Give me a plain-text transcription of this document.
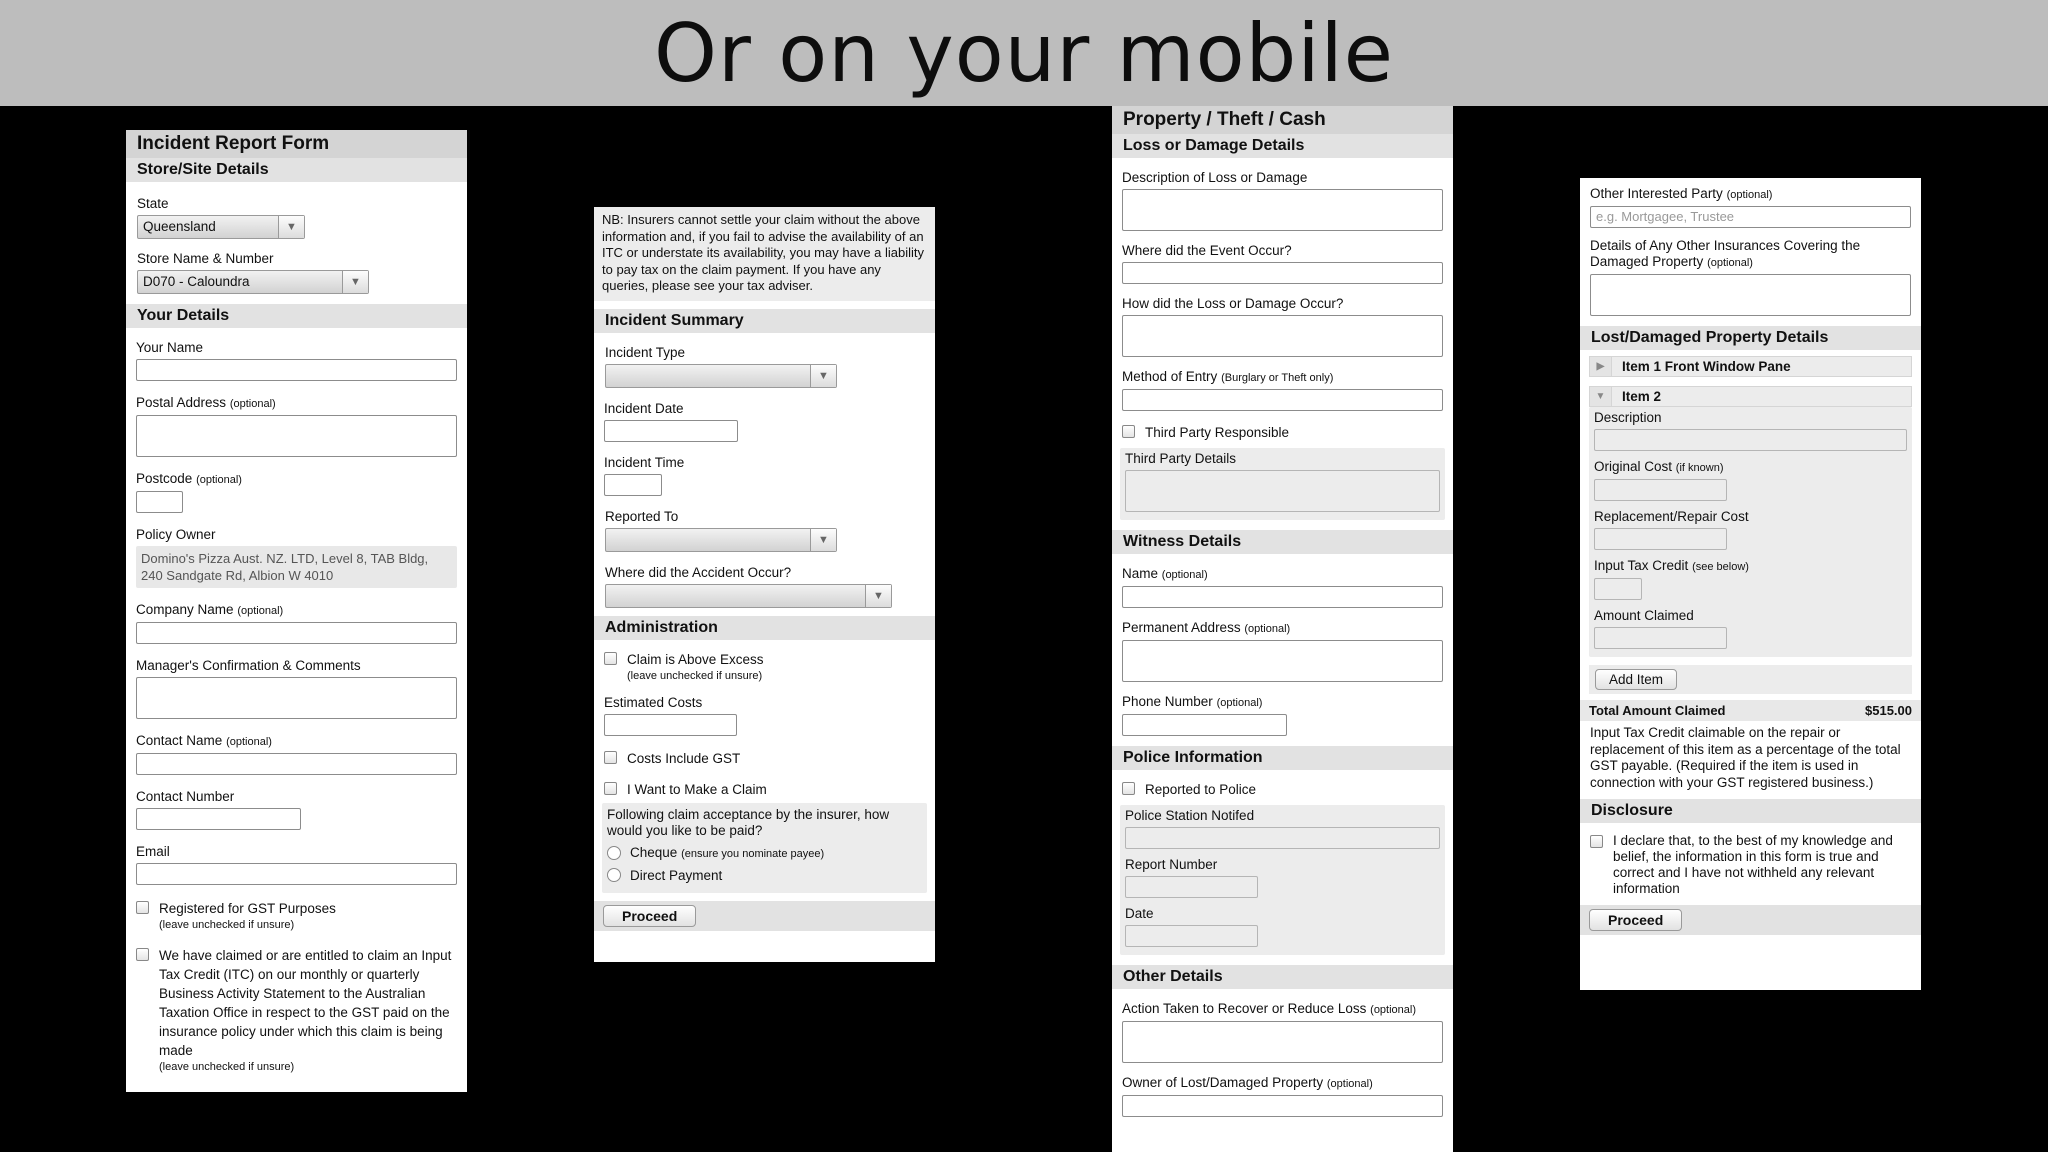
Or on your mobile
Incident Report Form
Store/Site Details
State
Queensland	▼
Store Name & Number
D070 - Caloundra	▼
Your Details
Your Name
Postal Address (optional)
Postcode (optional)
Policy Owner
Domino's Pizza Aust. NZ. LTD, Level 8, TAB Bldg, 240 Sandgate Rd, Albion W 4010
Company Name (optional)
Manager's Confirmation & Comments
Contact Name (optional)
Contact Number
Email
Registered for GST Purposes
(leave unchecked if unsure)
We have claimed or are entitled to claim an Input Tax Credit (ITC) on our monthly or quarterly Business Activity Statement to the Australian Taxation Office in respect to the GST paid on the insurance policy under which this claim is being made
(leave unchecked if unsure)
NB: Insurers cannot settle your claim without the above information and, if you fail to advise the availability of an ITC or understate its availability, you may have a liability to pay tax on the claim payment. If you have any queries, please see your tax adviser.
Incident Summary
Incident Type
▼
Incident Date
Incident Time
Reported To
▼
Where did the Accident Occur?
▼
Administration
Claim is Above Excess
(leave unchecked if unsure)
Estimated Costs
Costs Include GST
I Want to Make a Claim
Following claim acceptance by the insurer, how would you like to be paid?
Cheque (ensure you nominate payee)
Direct Payment
Proceed
Property / Theft / Cash
Loss or Damage Details
Description of Loss or Damage
Where did the Event Occur?
How did the Loss or Damage Occur?
Method of Entry (Burglary or Theft only)
Third Party Responsible
Third Party Details
Witness Details
Name (optional)
Permanent Address (optional)
Phone Number (optional)
Police Information
Reported to Police
Police Station Notifed
Report Number
Date
Other Details
Action Taken to Recover or Reduce Loss (optional)
Owner of Lost/Damaged Property (optional)
Other Interested Party (optional)
e.g. Mortgagee, Trustee
Details of Any Other Insurances Covering the Damaged Property (optional)
Lost/Damaged Property Details
▶	Item 1 Front Window Pane
▼	Item 2
Description
Original Cost (if known)
Replacement/Repair Cost
Input Tax Credit (see below)
Amount Claimed
Add Item
Total Amount Claimed	$515.00
Input Tax Credit claimable on the repair or replacement of this item as a percentage of the total GST payable. (Required if the item is used in connection with your GST registered business.)
Disclosure
I declare that, to the best of my knowledge and belief, the information in this form is true and correct and I have not withheld any relevant information
Proceed
